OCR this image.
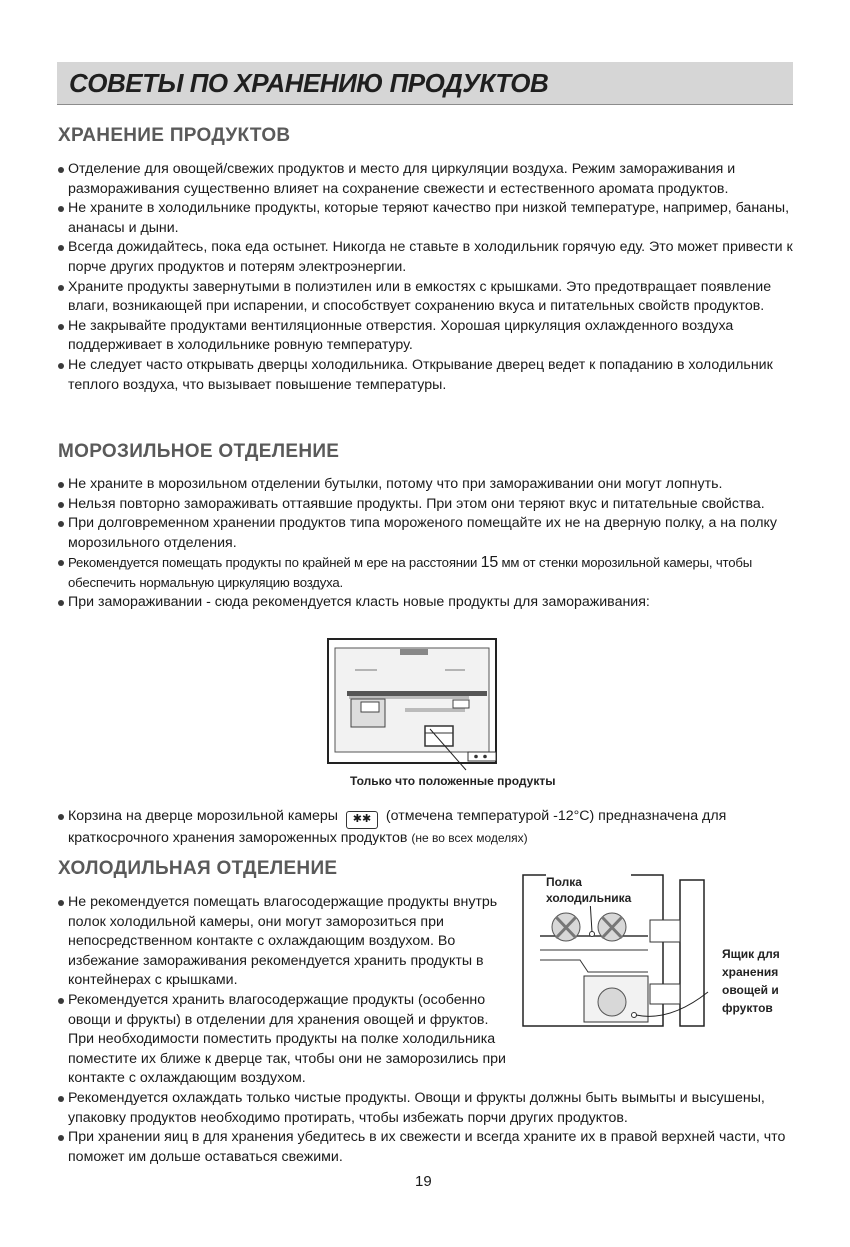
СОВЕТЫ ПО ХРАНЕНИЮ ПРОДУКТОВ
ХРАНЕНИЕ ПРОДУКТОВ
Отделение для овощей/свежих продуктов и место для циркуляции воздуха. Режим замораживания и размораживания существенно влияет на сохранение свежести и естественного аромата продуктов.
Не храните в холодильнике продукты, которые теряют качество при низкой температуре, например, бананы, ананасы и дыни.
Всегда дожидайтесь, пока еда остынет. Никогда не ставьте в холодильник горячую еду. Это может привести к порче других продуктов и потерям электроэнергии.
Храните продукты завернутыми в полиэтилен или в емкостях с крышками. Это предотвращает появление влаги, возникающей при испарении, и способствует сохранению вкуса и питательных свойств продуктов.
Не закрывайте продуктами вентиляционные отверстия. Хорошая циркуляция охлажденного воздуха поддерживает в холодильнике ровную температуру.
Не следует часто открывать дверцы холодильника. Открывание дверец ведет к попаданию в холодильник теплого воздуха, что вызывает повышение температуры.
МОРОЗИЛЬНОЕ ОТДЕЛЕНИЕ
Не храните в морозильном отделении бутылки, потому что при замораживании они могут лопнуть.
Нельзя повторно замораживать оттаявшие продукты. При этом они теряют вкус и питательные свойства.
При долговременном хранении продуктов типа мороженого помещайте их не на дверную полку, а на полку морозильного отделения.
Рекомендуется помещать продукты по крайней м ере на расстоянии 15 мм от стенки морозильной камеры, чтобы обеспечить нормальную циркуляцию воздуха.
При замораживании - сюда рекомендуется класть новые продукты для замораживания:
Только что положенные продукты
Корзина на дверце морозильной камеры ✱✱ (отмечена температурой -12°C) предназначена для краткосрочного хранения замороженных продуктов (не во всех моделях)
ХОЛОДИЛЬНАЯ ОТДЕЛЕНИЕ
Не рекомендуется помещать влагосодержащие продукты внутрь полок холодильной камеры, они могут заморозиться при непосредственном контакте с охлаждающим воздухом. Во избежание замораживания рекомендуется хранить продукты в контейнерах с крышками.
Рекомендуется хранить влагосодержащие продукты (особенно овощи и фрукты) в отделении для хранения овощей и фруктов. При необходимости поместить продукты на полке холодильника поместите их ближе к дверце так, чтобы они не заморозились при контакте с охлаждающим воздухом.
Рекомендуется охлаждать только чистые продукты. Овощи и фрукты должны быть вымыты и высушены, упаковку продуктов необходимо протирать, чтобы избежать порчи других продуктов.
При хранении яиц в для хранения убедитесь в их свежести и всегда храните их в правой верхней части, что поможет им дольше оставаться свежими.
Полка
холодильника
Ящик для
хранения
овощей и
фруктов
19
